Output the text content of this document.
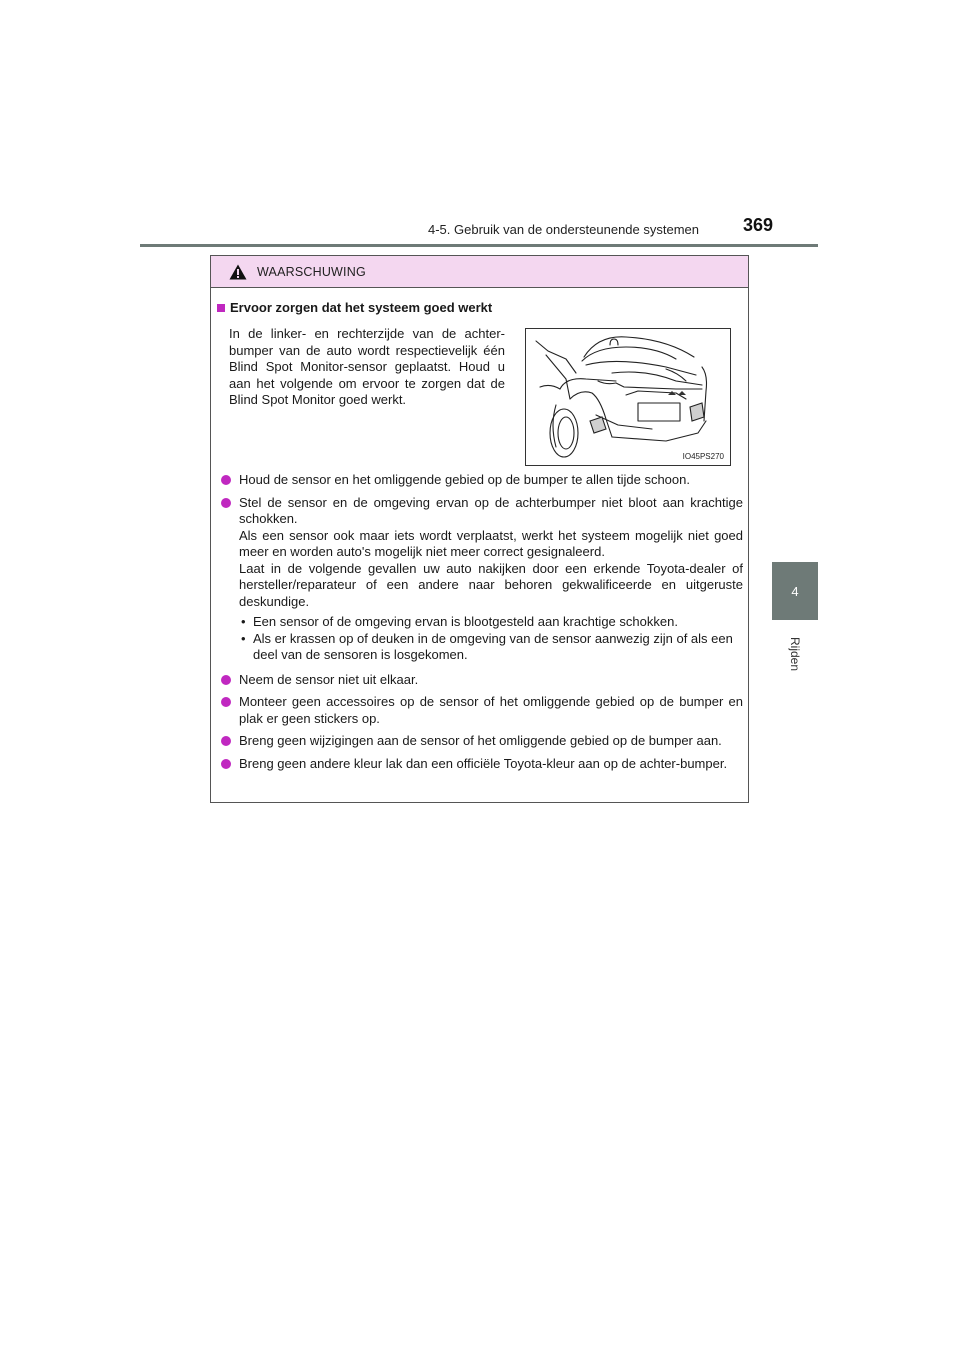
4-5. Gebruik van de ondersteunende systemen 369
4
Rijden
WAARSCHUWING
Ervoor zorgen dat het systeem goed werkt
In de linker- en rechterzijde van de achter-bumper van de auto wordt respectievelijk één Blind Spot Monitor-sensor geplaatst. Houd u aan het volgende om ervoor te zorgen dat de Blind Spot Monitor goed werkt.
IO45PS270

Houd de sensor en het omliggende gebied op de bumper te allen tijde schoon.

Stel de sensor en de omgeving ervan op de achterbumper niet bloot aan krachtige schokken.

Als een sensor ook maar iets wordt verplaatst, werkt het systeem mogelijk niet goed meer en worden auto's mogelijk niet meer correct gesignaleerd.

Laat in de volgende gevallen uw auto nakijken door een erkende Toyota-dealer of hersteller/reparateur of een andere naar behoren gekwalificeerde en uitgeruste deskundige.

• Een sensor of de omgeving ervan is blootgesteld aan krachtige schokken.
• Als er krassen op of deuken in de omgeving van de sensor aanwezig zijn of als een deel van de sensoren is losgekomen.

Neem de sensor niet uit elkaar.

Monteer geen accessoires op de sensor of het omliggende gebied op de bumper en plak er geen stickers op.

Breng geen wijzigingen aan de sensor of het omliggende gebied op de bumper aan.

Breng geen andere kleur lak dan een officiële Toyota-kleur aan op de achter-bumper.
